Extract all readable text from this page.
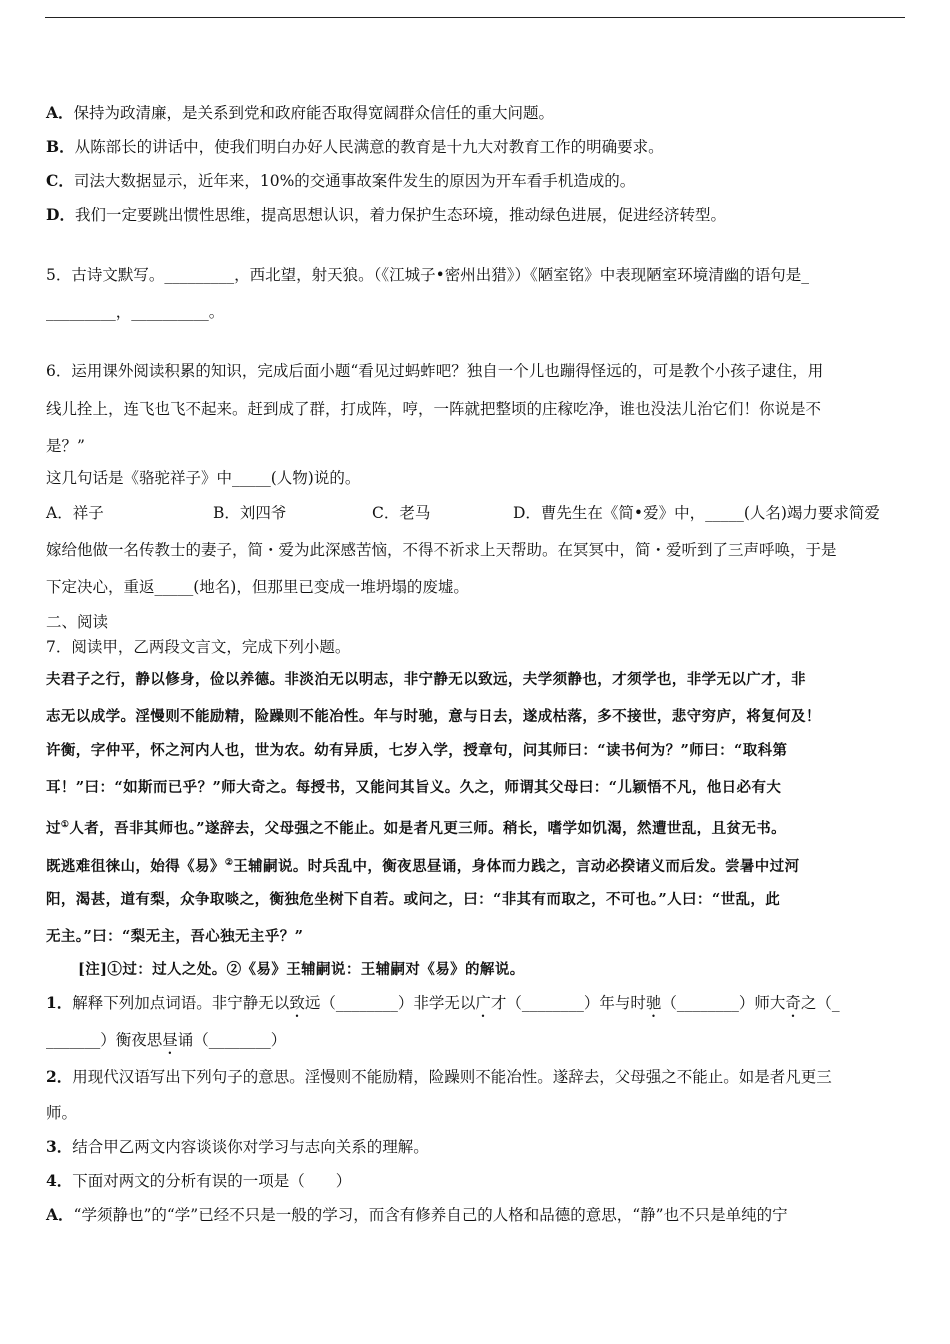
A．保持为政清廉，是关系到党和政府能否取得宽阔群众信任的重大问题。
B．从陈部长的讲话中，使我们明白办好人民满意的教育是十九大对教育工作的明确要求。
C．司法大数据显示，近年来，10%的交通事故案件发生的原因为开车看手机造成的。
D．我们一定要跳出惯性思维，提高思想认识，着力保护生态环境，推动绿色进展，促进经济转型。
5．古诗文默写。_________，西北望，射天狼。（《江城子•密州出猎》）《陋室铭》中表现陋室环境清幽的语句是_
_________，__________。
6．运用课外阅读积累的知识，完成后面小题“看见过蚂蚱吧？独自一个儿也蹦得怪远的，可是教个小孩子逮住，用
线儿拴上，连飞也飞不起来。赶到成了群，打成阵，哼，一阵就把整顷的庄稼吃净，谁也没法儿治它们！你说是不
是？”
这几句话是《骆驼祥子》中_____(人物)说的。
A．祥子	B．刘四爷	C．老马	D．曹先生在《简•爱》中，_____(人名)竭力要求简爱
嫁给他做一名传教士的妻子，简・爱为此深感苦恼，不得不祈求上天帮助。在冥冥中，简・爱听到了三声呼唤，于是
下定决心，重返_____(地名)，但那里已变成一堆坍塌的废墟。
二、阅读
7．阅读甲，乙两段文言文，完成下列小题。
夫君子之行，静以修身，俭以养德。非淡泊无以明志，非宁静无以致远，夫学须静也，才须学也，非学无以广才，非
志无以成学。淫慢则不能励精，险躁则不能冶性。年与时驰，意与日去，遂成枯落，多不接世，悲守穷庐，将复何及！
许衡，字仲平，怀之河内人也，世为农。幼有异质，七岁入学，授章句，问其师曰：“读书何为？”师曰：“取科第
耳！”曰：“如斯而已乎？”师大奇之。每授书，又能问其旨义。久之，师谓其父母曰：“儿颖悟不凡，他日必有大
过①人者，吾非其师也。”遂辞去，父母强之不能止。如是者凡更三师。稍长，嗜学如饥渴，然遭世乱，且贫无书。
既逃难徂徕山，始得《易》②王辅嗣说。时兵乱中，衡夜思昼诵，身体而力践之，言动必揆诸义而后发。尝暑中过河
阳，渴甚，道有梨，众争取啖之，衡独危坐树下自若。或问之，曰：“非其有而取之，不可也。”人曰：“世乱，此
无主。”曰：“梨无主，吾心独无主乎？”
[注]①过：过人之处。②《易》王辅嗣说：王辅嗣对《易》的解说。
1．解释下列加点词语。非宁静无以致远（________）非学无以广才（________）年与时驰（________）师大奇之（_
_______）衡夜思昼诵（________）
2．用现代汉语写出下列句子的意思。淫慢则不能励精，险躁则不能冶性。遂辞去，父母强之不能止。如是者凡更三
师。
3．结合甲乙两文内容谈谈你对学习与志向关系的理解。
4．下面对两文的分析有误的一项是（　　）
A．“学须静也”的“学”已经不只是一般的学习，而含有修养自己的人格和品德的意思，“静”也不只是单纯的宁
